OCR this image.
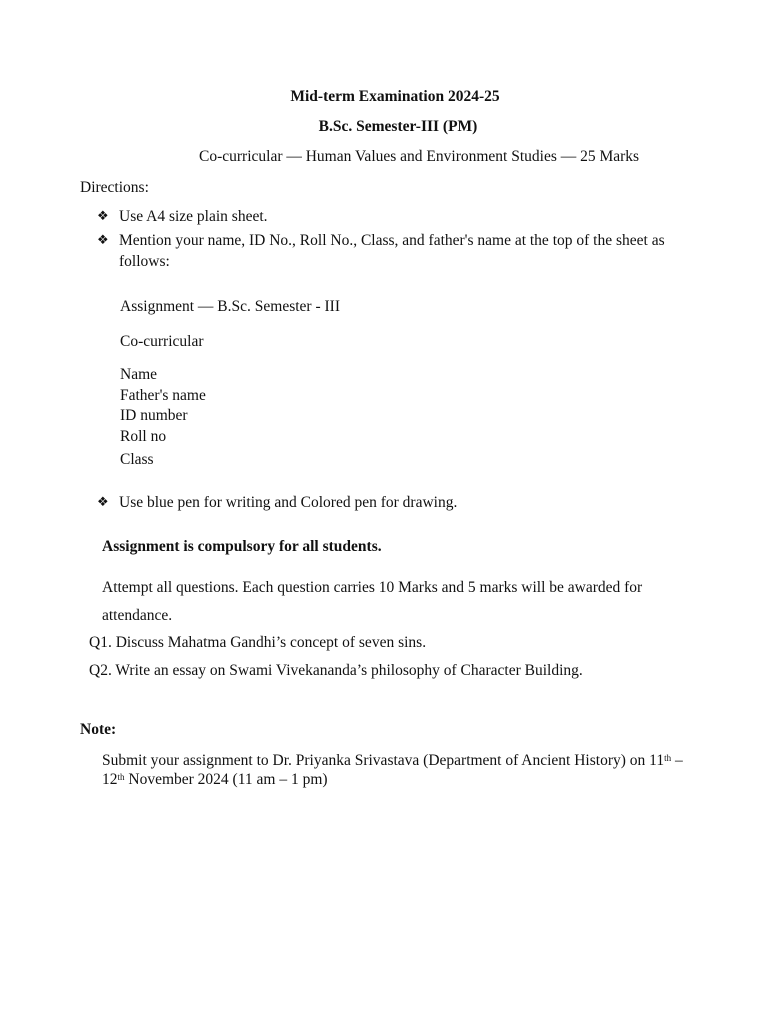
Mid-term Examination 2024-25
B.Sc. Semester-III (PM)
Co-curricular — Human Values and Environment Studies — 25 Marks
Directions:
❖ Use A4 size plain sheet.
❖ Mention your name, ID No., Roll No., Class, and father's name at the top of the sheet as
follows:
Assignment — B.Sc. Semester - III
Co-curricular
Name
Father's name
ID number
Roll no
Class
❖ Use blue pen for writing and Colored pen for drawing.
Assignment is compulsory for all students.
Attempt all questions. Each question carries 10 Marks and 5 marks will be awarded for
attendance.
Q1. Discuss Mahatma Gandhi’s concept of seven sins.
Q2. Write an essay on Swami Vivekananda’s philosophy of Character Building.
Note:
Submit your assignment to Dr. Priyanka Srivastava (Department of Ancient History) on 11th –
12th November 2024 (11 am – 1 pm)
